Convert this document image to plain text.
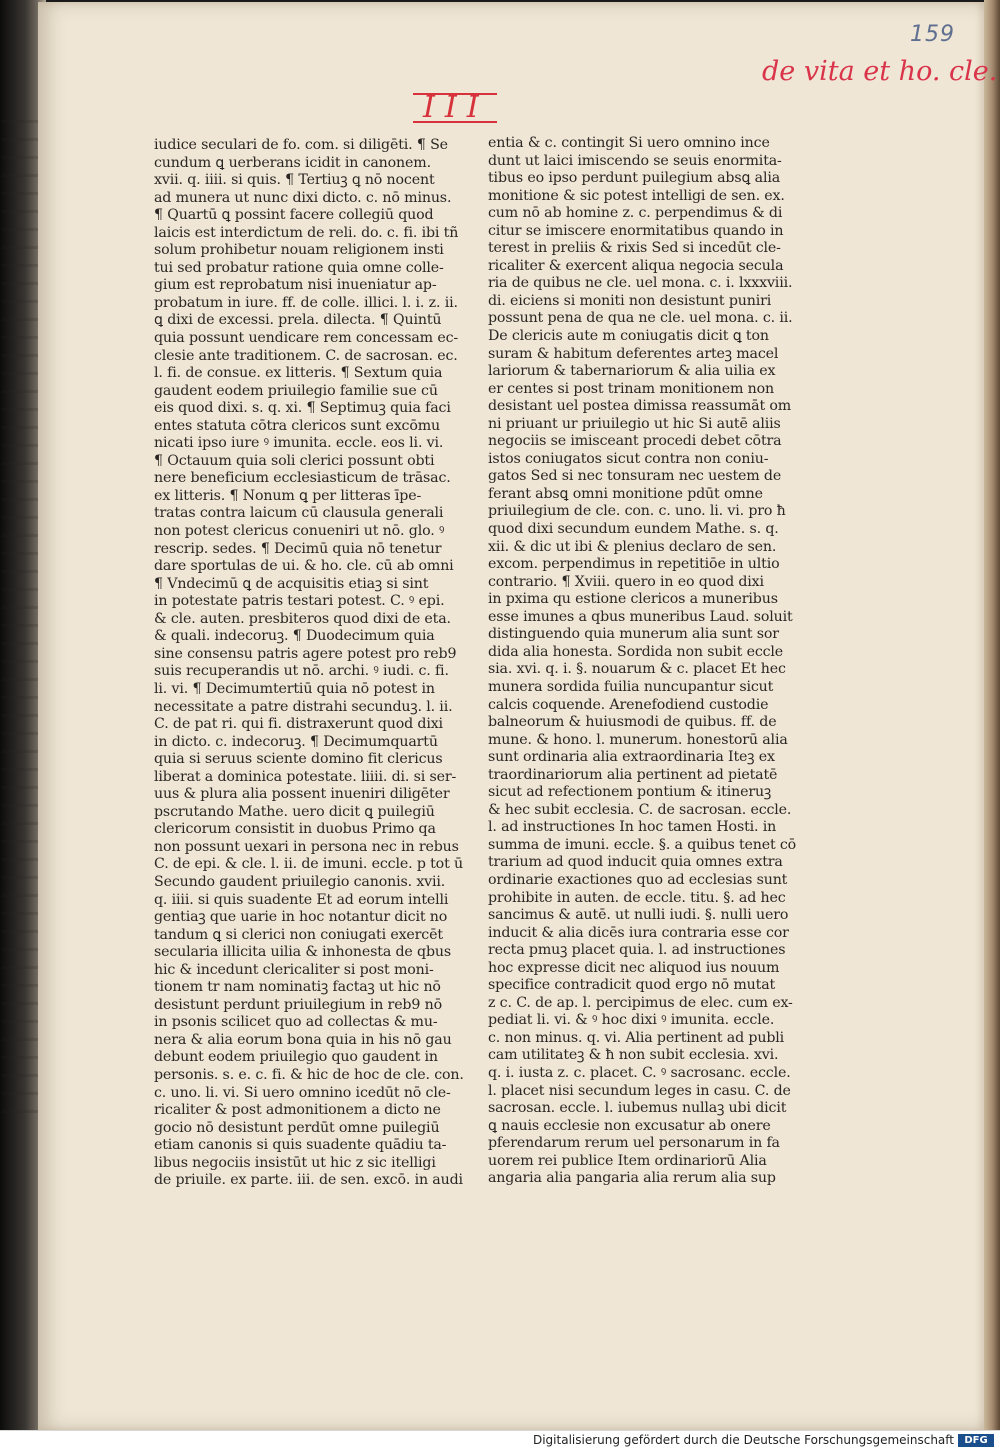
159
de vita et ho. cle.
III
iudice seculari de fo. com. si diligēti. ¶ Se
cundum ꝗ uerberans icidit in canonem.
xvii. q. iiii. si quis. ¶ Tertiuꝫ ꝗ nō nocent
ad munera ut nunc dixi dicto. c. nō minus.
¶ Quartū ꝗ possint facere collegiū quod
laicis est interdictum de reli. do. c. fi. ibi tñ
solum prohibetur nouam religionem insti
tui sed probatur ratione quia omne colle-
gium est reprobatum nisi inueniatur ap-
probatum in iure. ff. de colle. illici. l. i. z. ii.
ꝗ dixi de excessi. prela. dilecta. ¶ Quintū
quia possunt uendicare rem concessam ec-
clesie ante traditionem. C. de sacrosan. ec.
l. fi. de consue. ex litteris. ¶ Sextum quia
gaudent eodem priuilegio familie sue cū
eis quod dixi. s. q. xi. ¶ Septimuꝫ quia faci
entes statuta cōtra clericos sunt excōmu
nicati ipso iure ꝰ imunita. eccle. eos li. vi.
¶ Octauum quia soli clerici possunt obti
nere beneficium ecclesiasticum de trāsac.
ex litteris. ¶ Nonum ꝗ per litteras īpe-
tratas contra laicum cū clausula generali
non potest clericus conueniri ut nō. glo. ꝰ
rescrip. sedes. ¶ Decimū quia nō tenetur
dare sportulas de ui. & ho. cle. cū ab omni
¶ Vndecimū ꝗ de acquisitis etiaꝫ si sint
in potestate patris testari potest. C. ꝰ epi.
& cle. auten. presbiteros quod dixi de eta.
& quali. indecoruꝫ. ¶ Duodecimum quia
sine consensu patris agere potest pro reb9
suis recuperandis ut nō. archi. ꝰ iudi. c. fi.
li. vi. ¶ Decimumtertiū quia nō potest in
necessitate a patre distrahi secunduꝫ. l. ii.
C. de pat ri. qui fi. distraxerunt quod dixi
in dicto. c. indecoruꝫ. ¶ Decimumquartū
quia si seruus sciente domino fit clericus
liberat a dominica potestate. liiii. di. si ser-
uus & plura alia possent inueniri diligēter
pscrutando Mathe. uero dicit ꝗ puilegiū
clericorum consistit in duobus Primo qa
non possunt uexari in persona nec in rebus
C. de epi. & cle. l. ii. de imuni. eccle. p tot ū
Secundo gaudent priuilegio canonis. xvii.
q. iiii. si quis suadente Et ad eorum intelli
gentiaꝫ que uarie in hoc notantur dicit no
tandum ꝗ si clerici non coniugati exercēt
secularia illicita uilia & inhonesta de qbus
hic & incedunt clericaliter si post moni-
tionem tr nam nominatiꝫ factaꝫ ut hic nō
desistunt perdunt priuilegium in reb9 nō
in psonis scilicet quo ad collectas & mu-
nera & alia eorum bona quia in his nō gau
debunt eodem priuilegio quo gaudent in
personis. s. e. c. fi. & hic de hoc de cle. con.
c. uno. li. vi. Si uero omnino icedūt nō cle-
ricaliter & post admonitionem a dicto ne
gocio nō desistunt perdūt omne puilegiū
etiam canonis si quis suadente quādiu ta-
libus negociis insistūt ut hic z sic itelligi
de priuile. ex parte. iii. de sen. excō. in audi
entia & c. contingit Si uero omnino ince
dunt ut laici imiscendo se seuis enormita-
tibus eo ipso perdunt puilegium absꝗ alia
monitione & sic potest intelligi de sen. ex.
cum nō ab homine z. c. perpendimus & di
citur se imiscere enormitatibus quando in
terest in preliis & rixis Sed si incedūt cle-
ricaliter & exercent aliqua negocia secula
ria de quibus ne cle. uel mona. c. i. lxxxviii.
di. eiciens si moniti non desistunt puniri
possunt pena de qua ne cle. uel mona. c. ii.
De clericis aute m coniugatis dicit ꝗ ton
suram & habitum deferentes arteꝫ macel
lariorum & tabernariorum & alia uilia ex
er centes si post trinam monitionem non
desistant uel postea dimissa reassumāt om
ni priuant ur priuilegio ut hic Si autē aliis
negociis se imisceant procedi debet cōtra
istos coniugatos sicut contra non coniu-
gatos Sed si nec tonsuram nec uestem de
ferant absꝗ omni monitione pdūt omne
priuilegium de cle. con. c. uno. li. vi. pro ħ
quod dixi secundum eundem Mathe. s. q.
xii. & dic ut ibi & plenius declaro de sen.
excom. perpendimus in repetitiōe in ultio
contrario. ¶ Xviii. quero in eo quod dixi
in pxima qu estione clericos a muneribus
esse imunes a qbus muneribus Laud. soluit
distinguendo quia munerum alia sunt sor
dida alia honesta. Sordida non subit eccle
sia. xvi. q. i. §. nouarum & c. placet Et hec
munera sordida fuilia nuncupantur sicut
calcis coquende. Arenefodiend custodie
balneorum & huiusmodi de quibus. ff. de
mune. & hono. l. munerum. honestorū alia
sunt ordinaria alia extraordinaria Iteꝫ ex
traordinariorum alia pertinent ad pietatē
sicut ad refectionem pontium & itineruꝫ
& hec subit ecclesia. C. de sacrosan. eccle.
l. ad instructiones In hoc tamen Hosti. in
summa de imuni. eccle. §. a quibus tenet cō
trarium ad quod inducit quia omnes extra
ordinarie exactiones quo ad ecclesias sunt
prohibite in auten. de eccle. titu. §. ad hec
sancimus & autē. ut nulli iudi. §. nulli uero
inducit & alia dicēs iura contraria esse cor
recta pmuꝫ placet quia. l. ad instructiones
hoc expresse dicit nec aliquod ius nouum
specifice contradicit quod ergo nō mutat
z c. C. de ap. l. percipimus de elec. cum ex-
pediat li. vi. & ꝰ hoc dixi ꝰ imunita. eccle.
c. non minus. q. vi. Alia pertinent ad publi
cam utilitateꝫ & ħ non subit ecclesia. xvi.
q. i. iusta z. c. placet. C. ꝰ sacrosanc. eccle.
l. placet nisi secundum leges in casu. C. de
sacrosan. eccle. l. iubemus nullaꝫ ubi dicit
ꝗ nauis ecclesie non excusatur ab onere
pferendarum rerum uel personarum in fa
uorem rei publice Item ordinariorū Alia
angaria alia pangaria alia rerum alia sup
Digitalisierung gefördert durch die Deutsche Forschungsgemeinschaft	DFG
